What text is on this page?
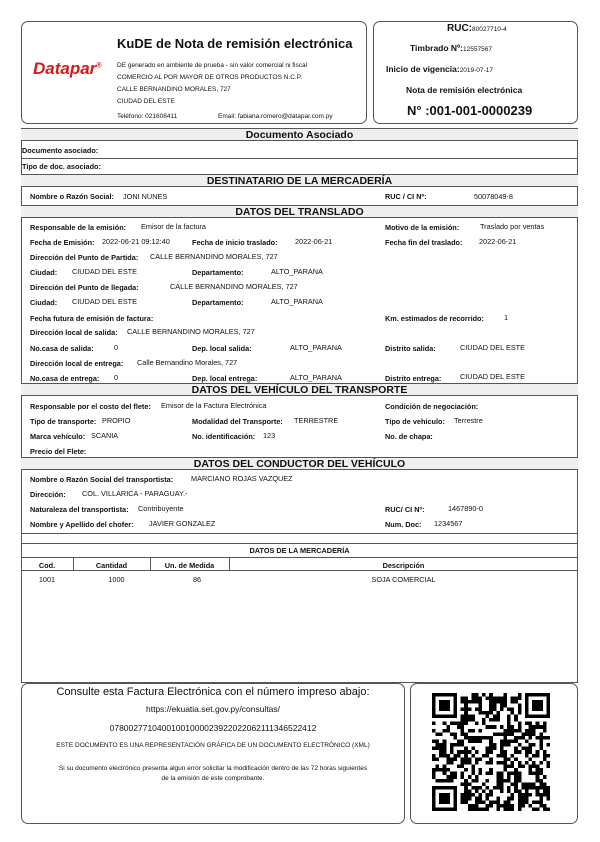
Datapar®
KuDE de Nota de remisión electrónica
DE generado en ambiente de prueba - sin valor comercial ni fiscal
COMERCIO AL POR MAYOR DE OTROS PRODUCTOS N.C.P.
CALLE BERNANDINO MORALES, 727
CIUDAD DEL ESTE
Teléfono: 021608411	Email: fabiana.romero@datapar.com.py
RUC:80027710-4
Timbrado Nº:12557567
Inicio de vigencia:2019-07-17
Nota de remisión electrónica
N° :001-001-0000239
Documento Asociado
Documento asociado:
Tipo de doc. asociado:
DESTINATARIO DE LA MERCADERÍA
Nombre o Razón Social: JONI NUNES	RUC / CI Nº:	50078049-8
DATOS DEL TRANSLADO
Responsable de la emisión: Emisor de la factura	Motivo de la emisión:	Traslado por ventas
Fecha de Emisión: 2022-06-21 09:12:40	Fecha de inicio traslado: 2022-06-21	Fecha fin del traslado: 2022-06-21
Dirección del Punto de Partida: CALLE BERNANDINO MORALES, 727
Ciudad: CIUDAD DEL ESTE	Departamento:	ALTO_PARANA
Dirección del Punto de llegada:	CALLE BERNANDINO MORALES, 727
Ciudad: CIUDAD DEL ESTE	Departamento:	ALTO_PARANA
Fecha futura de emisión de factura:	Km. estimados de recorrido:	1
Dirección local de salida: CALLE BERNANDINO MORALES, 727
No.casa de salida:	0	Dep. local salida:	ALTO_PARANA	Distrito salida:	CIUDAD DEL ESTE
Dirección local de entrega: Calle Bernandino Morales, 727
No.casa de entrega: 0	Dep. local entrega:	ALTO_PARANA	Distrito entrega:	CIUDAD DEL ESTE
DATOS DEL VEHÍCULO DEL TRANSPORTE
Responsable por el costo del flete: Emisor de la Factura Electrónica	Condición de negociación:
Tipo de transporte: PROPIO	Modalidad del Transporte: TERRESTRE	Tipo de vehículo: Terrestre
Marca vehículo: SCANIA	No. identificación: 123	No. de chapa:
Precio del Flete:
DATOS DEL CONDUCTOR DEL VEHÍCULO
Nombre o Razón Social del transportista: MARCIANO ROJAS VAZQUEZ
Dirección: COL. VILLARICA - PARAGUAY.-
Naturaleza del transportista: Contribuyente	RUC/ CI Nº:	1467890-0
Nombre y Apellido del chofer: JAVIER GONZALEZ	Num. Doc: 1234567
DATOS DE LA MERCADERÍA
Cod.	Cantidad	Un. de Medida	Descripción
1001	1000	86	SOJA COMERCIAL
Consulte esta Factura Electrónica con el número impreso abajo:
https://ekuatia.set.gov.py/consultas/
07800277104001001000023922022062111346522412
ESTE DOCUMENTO ES UNA REPRESENTACIÓN GRÁFICA DE UN DOCUMENTO ELECTRÓNICO (XML)
Si su documento electrónico presenta algun error solicitar la modificación dentro de las 72 horas siguientes
de la emisión de este comprobante.
